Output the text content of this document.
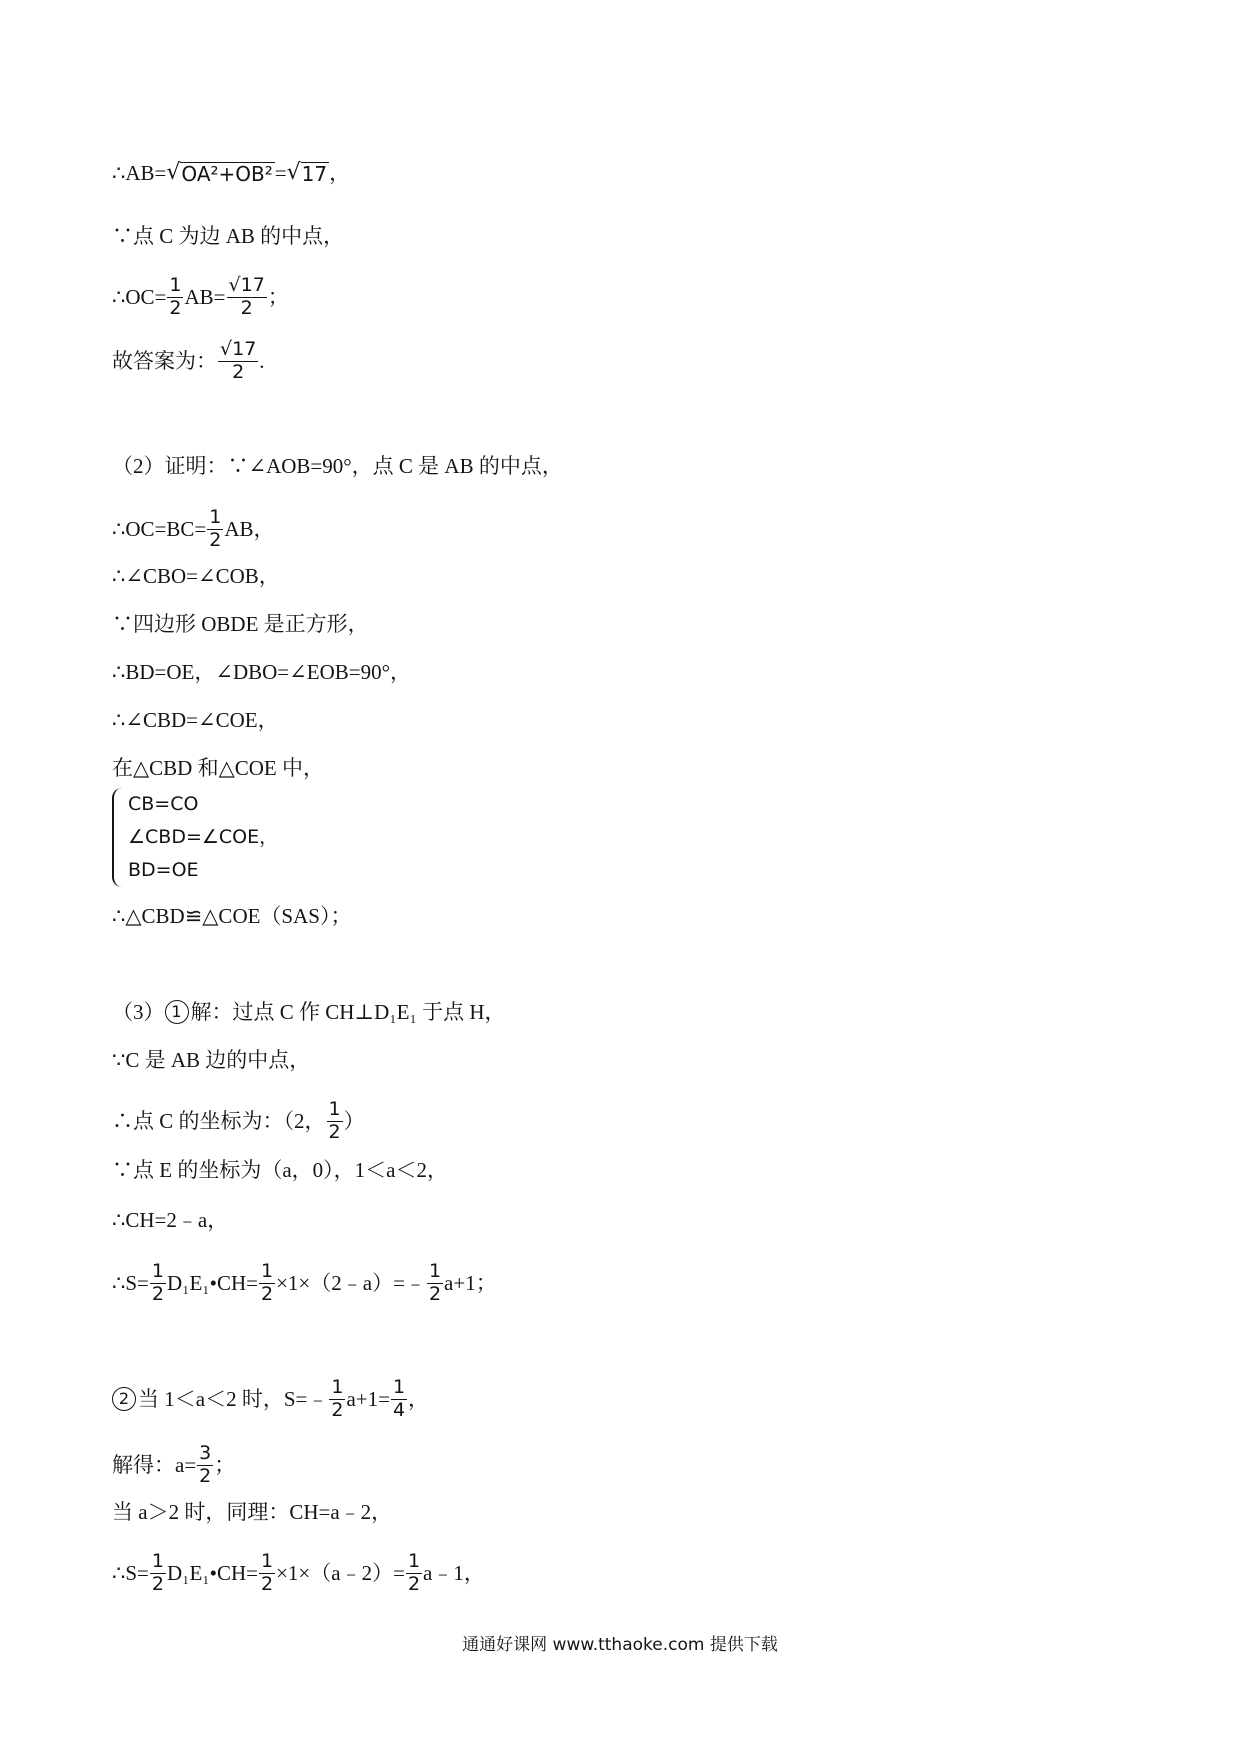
∴AB= √ OA²+OB² = √ 17 ，
∵点 C 为边 AB 的中点，
∴OC= $\frac{1}{2} AB= \frac{√17}{2}$ ；
故答案为： $\frac{√17}{2}$ .
（2）证明：∵∠AOB=90°，点 C 是 AB 的中点，
∴OC=BC= $\frac{1}{2}$ AB，
∴∠CBO=∠COB，
∵四边形 OBDE 是正方形，
∴BD=OE，∠DBO=∠EOB=90°，
∴∠CBD=∠COE，
在△CBD 和△COE 中，
CB=CO
∠CBD=∠COE，
BD=OE
∴△CBD≌△COE（SAS）；
（3） 1 解：过点 C 作 CH⊥D₁E₁ 于点 H，
∵C 是 AB 边的中点，
∴点 C 的坐标为：（2， $\frac{1}{2}$ ）
∵点 E 的坐标为（a，0），1＜a＜2，
∴CH=2﹣a，
∴S= $\frac{1}{2}$ D₁E₁•CH= $\frac{1}{2}$ ×1×（2﹣a）=﹣ $\frac{1}{2} a+1$；
2 当 1＜a＜2 时，S=﹣ $\frac{1}{2} a+1= \frac{1}{4}$ ，
解得：$a= \frac{3}{2}$ ；
当 a＞2 时，同理：CH=a﹣2，
∴S= $\frac{1}{2}$ D₁E₁•CH= $\frac{1}{2}$ ×1×（a﹣2）= $\frac{1}{2}$ a﹣1，
通通好课网 www.tthaoke.com 提供下载
